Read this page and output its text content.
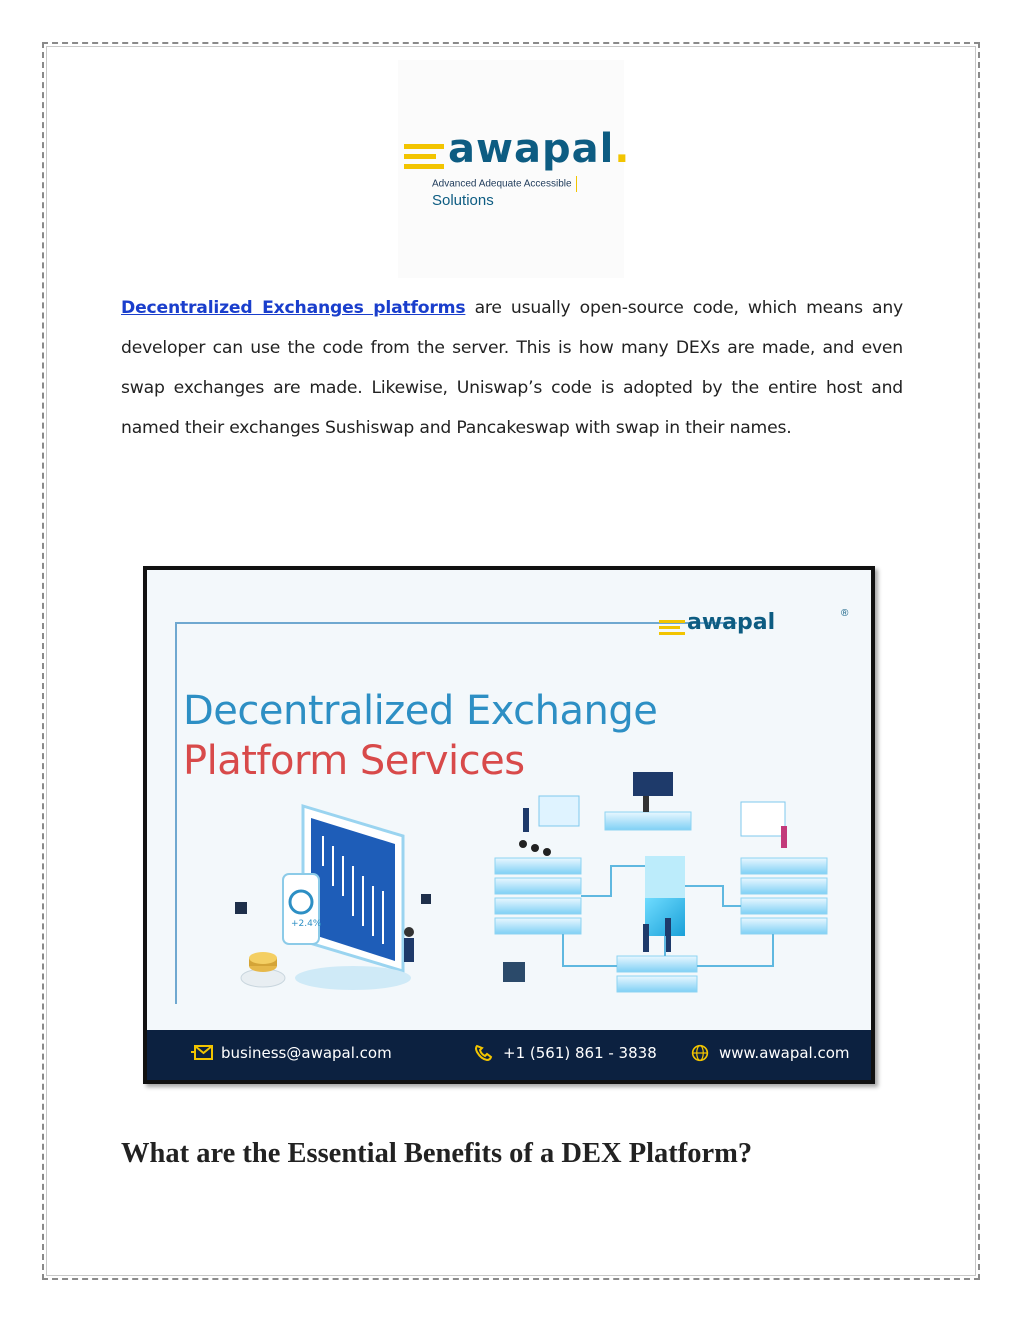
awapal.
Advanced Adequate AccessibleSolutions
Decentralized Exchanges platforms are usually open-source code, which means any developer can use the code from the server. This is how many DEXs are made, and even swap exchanges are made. Likewise, Uniswap’s code is adopted by the entire host and named their exchanges Sushiswap and Pancakeswap with swap in their names.
awapal	®
Decentralized Exchange
Platform Services
+2.4%
business@awapal.com	+1 (561) 861 - 3838	www.awapal.com
What are the Essential Benefits of a DEX Platform?
